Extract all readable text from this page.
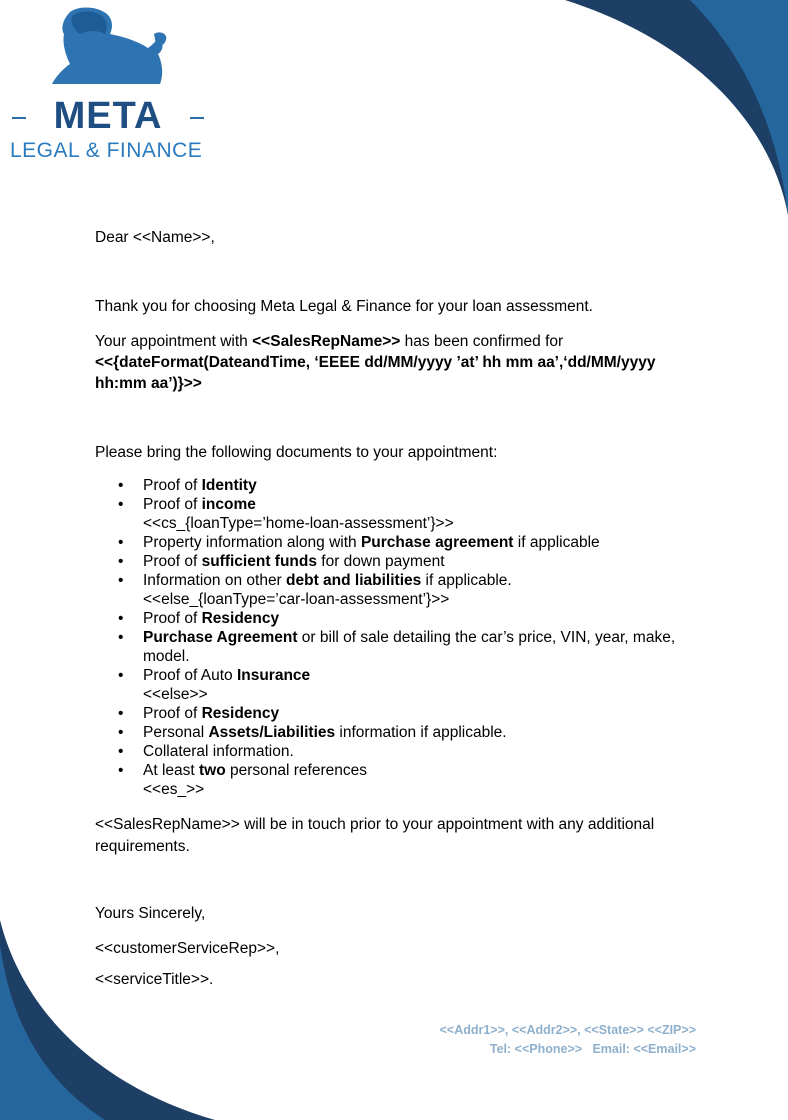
META
LEGAL & FINANCE
Dear <<Name>>,
Thank you for choosing Meta Legal & Finance for your loan assessment.
Your appointment with <<SalesRepName>> has been confirmed for
<<{dateFormat(DateandTime, ‘EEEE dd/MM/yyyy ’at’ hh mm aa’,‘dd/MM/yyyy hh:mm aa’)}>>
Please bring the following documents to your appointment:
• Proof of Identity
• Proof of income
<<cs_{loanType=’home-loan-assessment’}>>
• Property information along with Purchase agreement if applicable
• Proof of sufficient funds for down payment
• Information on other debt and liabilities if applicable.
<<else_{loanType=’car-loan-assessment’}>>
• Proof of Residency
• Purchase Agreement or bill of sale detailing the car’s price, VIN, year, make, model.
• Proof of Auto Insurance
<<else>>
• Proof of Residency
• Personal Assets/Liabilities information if applicable.
• Collateral information.
• At least two personal references
<<es_>>
<<SalesRepName>> will be in touch prior to your appointment with any additional requirements.
Yours Sincerely,
<<customerServiceRep>>,
<<serviceTitle>>.
<<Addr1>>, <<Addr2>>, <<State>> <<ZIP>>
Tel: <<Phone>>   Email: <<Email>>
